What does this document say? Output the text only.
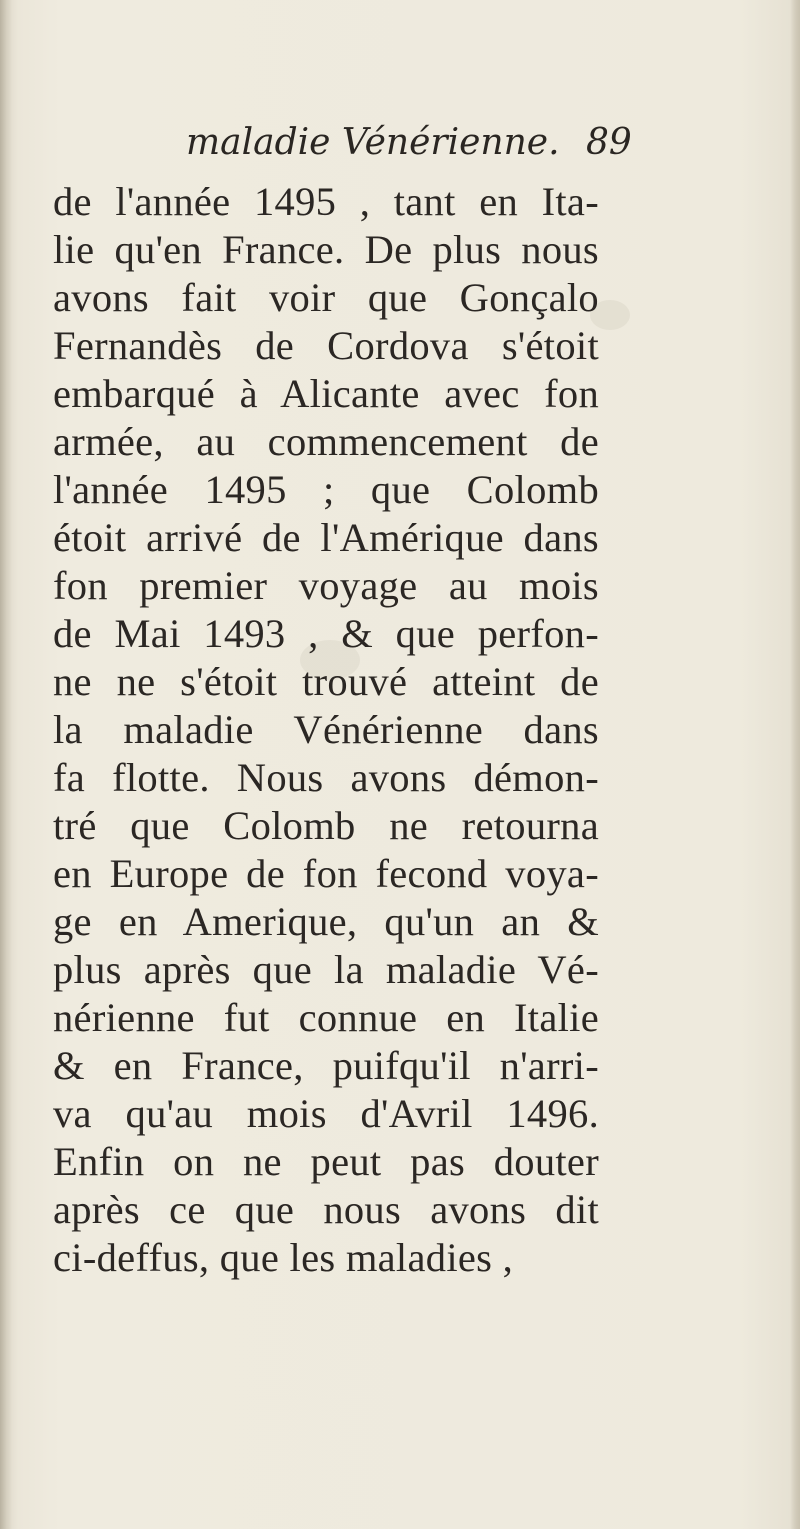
maladie Vénérienne. 89
de l'année 1495 , tant en Ita-
lie qu'en France. De plus nous
avons fait voir que Gonçalo
Fernandès de Cordova s'étoit
embarqué à Alicante avec fon
armée, au commencement de
l'année 1495 ; que Colomb
étoit arrivé de l'Amérique dans
fon premier voyage au mois
de Mai 1493 , & que perfon-
ne ne s'étoit trouvé atteint de
la maladie Vénérienne dans
fa flotte. Nous avons démon-
tré que Colomb ne retourna
en Europe de fon fecond voya-
ge en Amerique, qu'un an &
plus après que la maladie Vé-
nérienne fut connue en Italie
& en France, puifqu'il n'arri-
va qu'au mois d'Avril 1496.
Enfin on ne peut pas douter
après ce que nous avons dit
ci-deffus, que les maladies ,
